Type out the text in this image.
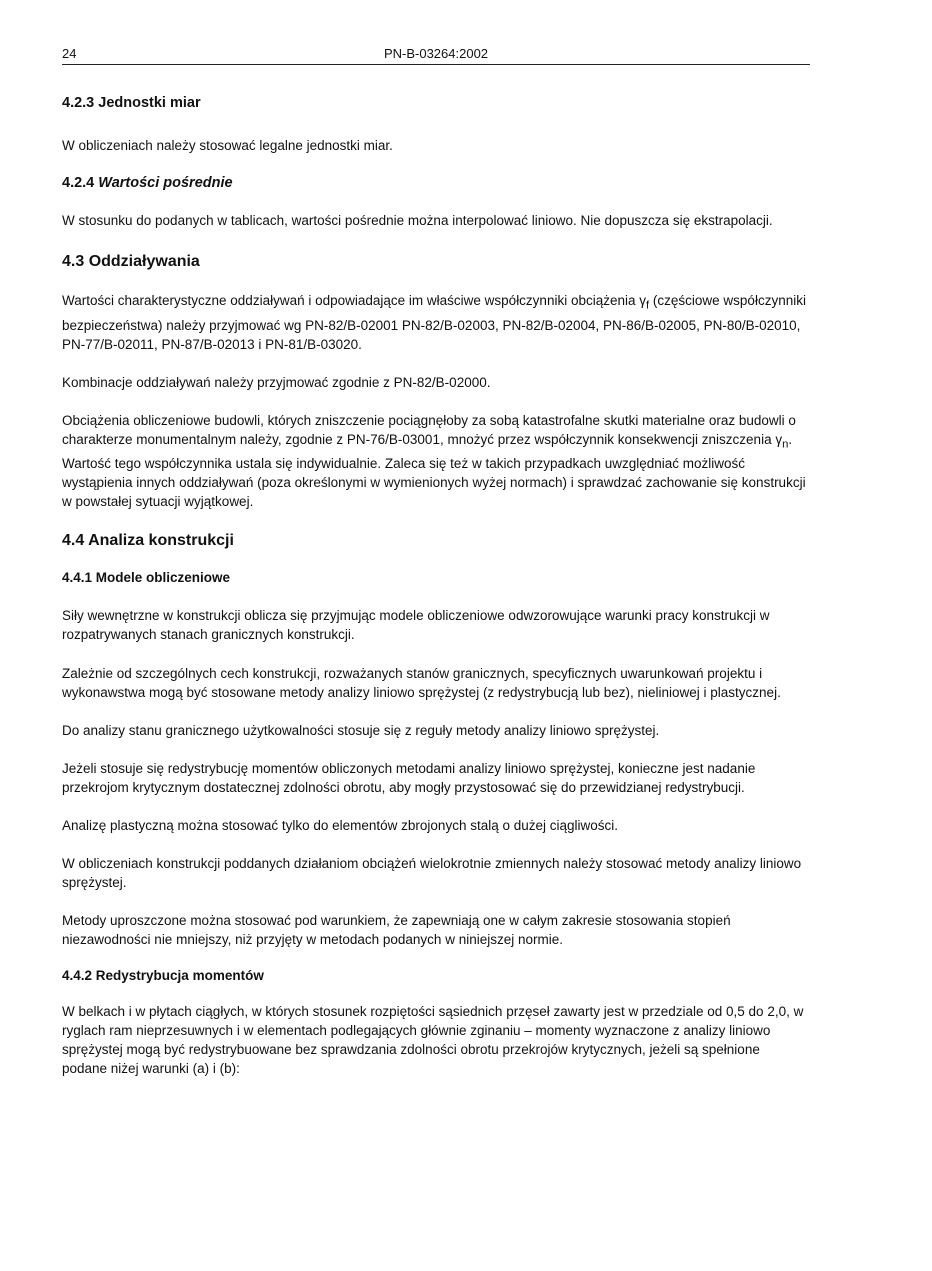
24	PN-B-03264:2002
4.2.3 Jednostki miar

W obliczeniach należy stosować legalne jednostki miar.

4.2.4 Wartości pośrednie

W stosunku do podanych w tablicach, wartości pośrednie można interpolować liniowo. Nie dopuszcza się ekstrapolacji.

4.3 Oddziaływania

Wartości charakterystyczne oddziaływań i odpowiadające im właściwe współczynniki obciążenia $\gamma_f$ (częściowe współczynniki bezpieczeństwa) należy przyjmować wg PN-82/B-02001 PN-82/B-02003, PN-82/B-02004, PN-86/B-02005, PN-80/B-02010, PN-77/B-02011, PN-87/B-02013 i PN-81/B-03020.

Kombinacje oddziaływań należy przyjmować zgodnie z PN-82/B-02000.

Obciążenia obliczeniowe budowli, których zniszczenie pociągnęłoby za sobą katastrofalne skutki materialne oraz budowli o charakterze monumentalnym należy, zgodnie z PN-76/B-03001, mnożyć przez współczynnik konsekwencji zniszczenia $\gamma_n$. Wartość tego współczynnika ustala się indywidualnie. Zaleca się też w takich przypadkach uwzględniać możliwość wystąpienia innych oddziaływań (poza określonymi w wymienionych wyżej normach) i sprawdzać zachowanie się konstrukcji w powstałej sytuacji wyjątkowej.

4.4 Analiza konstrukcji
4.4.1 Modele obliczeniowe

Siły wewnętrzne w konstrukcji oblicza się przyjmując modele obliczeniowe odwzorowujące warunki pracy konstrukcji w rozpatrywanych stanach granicznych konstrukcji.

Zależnie od szczególnych cech konstrukcji, rozważanych stanów granicznych, specyficznych uwarunkowań projektu i wykonawstwa mogą być stosowane metody analizy liniowo sprężystej (z redystrybucją lub bez), nieliniowej i plastycznej.

Do analizy stanu granicznego użytkowalności stosuje się z reguły metody analizy liniowo sprężystej.

Jeżeli stosuje się redystrybucję momentów obliczonych metodami analizy liniowo sprężystej, konieczne jest nadanie przekrojom krytycznym dostatecznej zdolności obrotu, aby mogły przystosować się do przewidzianej redystrybucji.

Analizę plastyczną można stosować tylko do elementów zbrojonych stalą o dużej ciągliwości.

W obliczeniach konstrukcji poddanych działaniom obciążeń wielokrotnie zmiennych należy stosować metody analizy liniowo sprężystej.

Metody uproszczone można stosować pod warunkiem, że zapewniają one w całym zakresie stosowania stopień niezawodności nie mniejszy, niż przyjęty w metodach podanych w niniejszej normie.

4.4.2 Redystrybucja momentów

W belkach i w płytach ciągłych, w których stosunek rozpiętości sąsiednich przęseł zawarty jest w przedziale od 0,5 do 2,0, w ryglach ram nieprzesuwnych i w elementach podlegających głównie zginaniu – momenty wyznaczone z analizy liniowo sprężystej mogą być redystrybuowane bez sprawdzania zdolności obrotu przekrojów krytycznych, jeżeli są spełnione podane niżej warunki (a) i (b):
